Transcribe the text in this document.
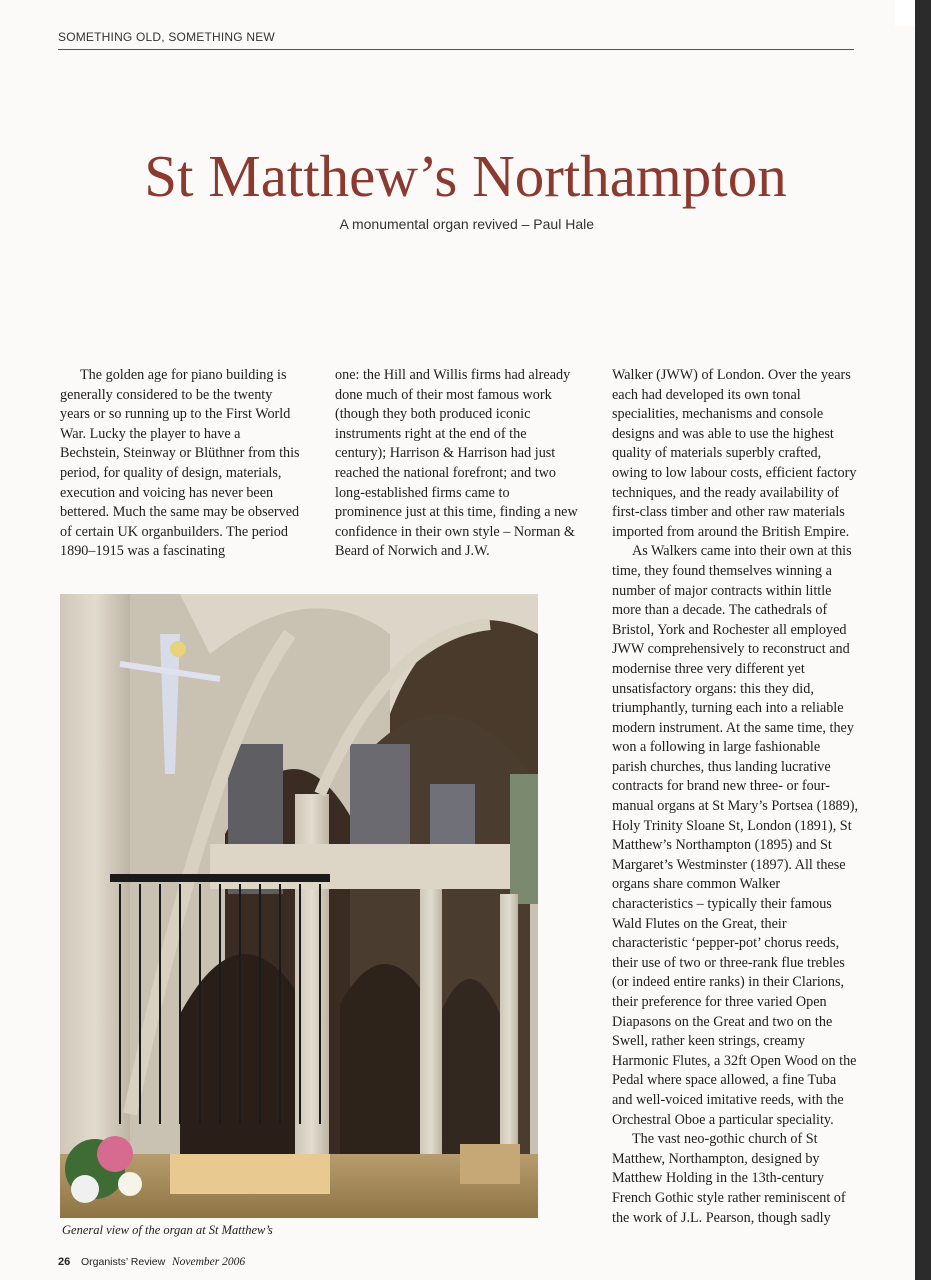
SOMETHING OLD, SOMETHING NEW
St Matthew’s Northampton
A monumental organ revived – Paul Hale

The golden age for piano building is generally considered to be the twenty years or so running up to the First World War. Lucky the player to have a Bechstein, Steinway or Blüthner from this period, for quality of design, materials, execution and voicing has never been bettered. Much the same may be observed of certain UK organbuilders. The period 1890–1915 was a fascinating

one: the Hill and Willis firms had already done much of their most famous work (though they both produced iconic instruments right at the end of the century); Harrison & Harrison had just reached the national forefront; and two long-established firms came to prominence just at this time, finding a new confidence in their own style – Norman & Beard of Norwich and J.W.

Walker (JWW) of London. Over the years each had developed its own tonal specialities, mechanisms and console designs and was able to use the highest quality of materials superbly crafted, owing to low labour costs, efficient factory techniques, and the ready availability of first-class timber and other raw materials imported from around the British Empire.

As Walkers came into their own at this time, they found themselves winning a number of major contracts within little more than a decade. The cathedrals of Bristol, York and Rochester all employed JWW comprehensively to reconstruct and modernise three very different yet unsatisfactory organs: this they did, triumphantly, turning each into a reliable modern instrument. At the same time, they won a following in large fashionable parish churches, thus landing lucrative contracts for brand new three- or four-manual organs at St Mary’s Portsea (1889), Holy Trinity Sloane St, London (1891), St Matthew’s Northampton (1895) and St Margaret’s Westminster (1897). All these organs share common Walker characteristics – typically their famous Wald Flutes on the Great, their characteristic ‘pepper-pot’ chorus reeds, their use of two or three-rank flue trebles (or indeed entire ranks) in their Clarions, their preference for three varied Open Diapasons on the Great and two on the Swell, rather keen strings, creamy Harmonic Flutes, a 32ft Open Wood on the Pedal where space allowed, a fine Tuba and well-voiced imitative reeds, with the Orchestral Oboe a particular speciality.

The vast neo-gothic church of St Matthew, Northampton, designed by Matthew Holding in the 13th-century French Gothic style rather reminiscent of the work of J.L. Pearson, though sadly

General view of the organ at St Matthew’s
26 Organists’ Review November 2006
